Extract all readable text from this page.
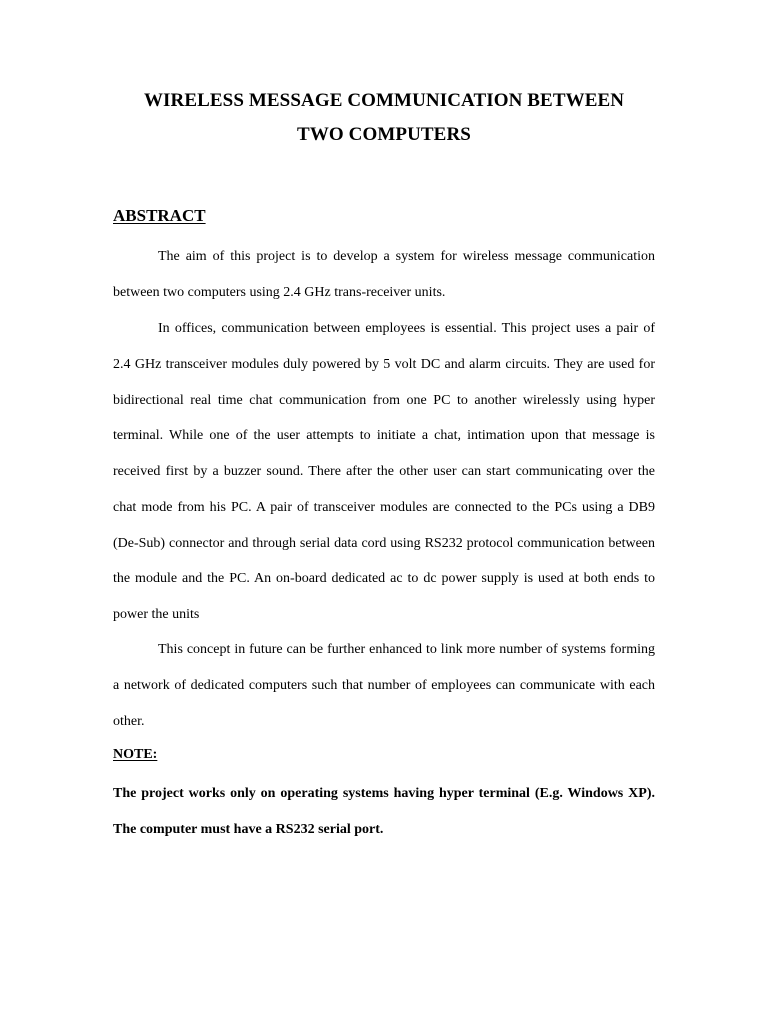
WIRELESS MESSAGE COMMUNICATION BETWEEN
TWO COMPUTERS
ABSTRACT

The aim of this project is to develop a system for wireless message communication between two computers using 2.4 GHz trans-receiver units.

In offices, communication between employees is essential. This project uses a pair of 2.4 GHz transceiver modules duly powered by 5 volt DC and alarm circuits. They are used for bidirectional real time chat communication from one PC to another wirelessly using hyper terminal. While one of the user attempts to initiate a chat, intimation upon that message is received first by a buzzer sound. There after the other user can start communicating over the chat mode from his PC. A pair of transceiver modules are connected to the PCs using a DB9 (De-Sub) connector and through serial data cord using RS232 protocol communication between the module and the PC. An on-board dedicated ac to dc power supply is used at both ends to power the units

This concept in future can be further enhanced to link more number of systems forming a network of dedicated computers such that number of employees can communicate with each other.

NOTE:

The project works only on operating systems having hyper terminal (E.g. Windows XP). The computer must have a RS232 serial port.
